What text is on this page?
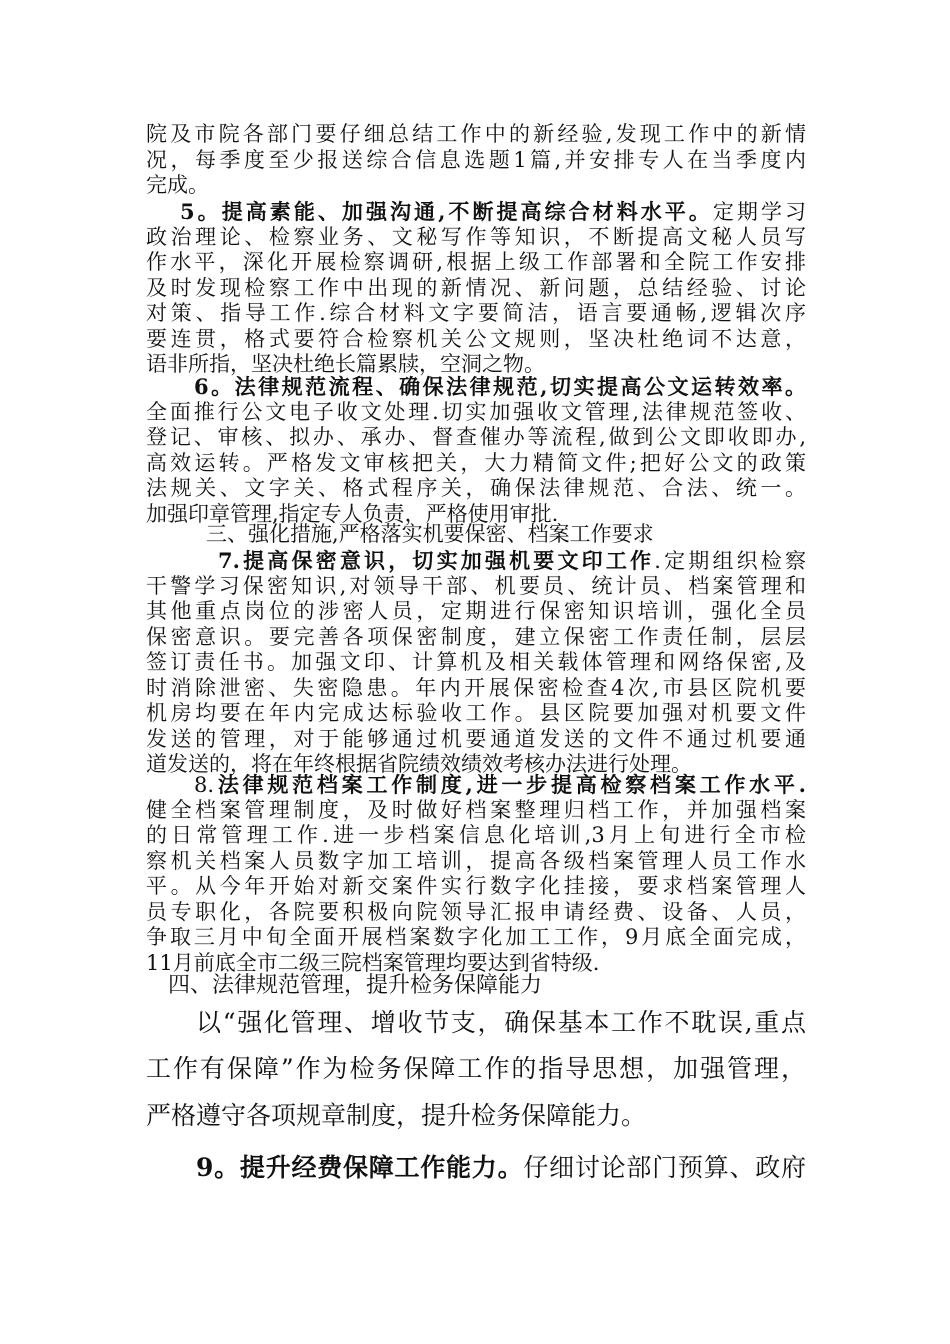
院及市院各部门要仔细总结工作中的新经验,发现工作中的新情
况，每季度至少报送综合信息选题1篇,并安排专人在当季度内
完成。
5。提高素能、加强沟通,不断提高综合材料水平。定期学习
政治理论、检察业务、文秘写作等知识，不断提高文秘人员写
作水平，深化开展检察调研,根据上级工作部署和全院工作安排
及时发现检察工作中出现的新情况、新问题，总结经验、讨论
对策、指导工作.综合材料文字要简洁，语言要通畅,逻辑次序
要连贯，格式要符合检察机关公文规则，坚决杜绝词不达意，
语非所指，坚决杜绝长篇累牍，空洞之物。
6。法律规范流程、确保法律规范,切实提高公文运转效率。
全面推行公文电子收文处理.切实加强收文管理,法律规范签收、
登记、审核、拟办、承办、督查催办等流程,做到公文即收即办,
高效运转。严格发文审核把关，大力精简文件;把好公文的政策
法规关、文字关、格式程序关，确保法律规范、合法、统一。
加强印章管理,指定专人负责，严格使用审批.
三、强化措施,严格落实机要保密、档案工作要求
7.提高保密意识，切实加强机要文印工作.定期组织检察
干警学习保密知识,对领导干部、机要员、统计员、档案管理和
其他重点岗位的涉密人员，定期进行保密知识培训，强化全员
保密意识。要完善各项保密制度，建立保密工作责任制，层层
签订责任书。加强文印、计算机及相关载体管理和网络保密,及
时消除泄密、失密隐患。年内开展保密检查4次,市县区院机要
机房均要在年内完成达标验收工作。县区院要加强对机要文件
发送的管理，对于能够通过机要通道发送的文件不通过机要通
道发送的，将在年终根据省院绩效绩效考核办法进行处理。
8.法律规范档案工作制度,进一步提高检察档案工作水平.
健全档案管理制度，及时做好档案整理归档工作，并加强档案
的日常管理工作.进一步档案信息化培训,3月上旬进行全市检
察机关档案人员数字加工培训，提高各级档案管理人员工作水
平。从今年开始对新交案件实行数字化挂接，要求档案管理人
员专职化，各院要积极向院领导汇报申请经费、设备、人员，
争取三月中旬全面开展档案数字化加工工作，9月底全面完成，
11月前底全市二级三院档案管理均要达到省特级.
四、法律规范管理，提升检务保障能力
以“强化管理、增收节支，确保基本工作不耽误,重点
工作有保障”作为检务保障工作的指导思想，加强管理，
严格遵守各项规章制度，提升检务保障能力。
9。提升经费保障工作能力。仔细讨论部门预算、政府
